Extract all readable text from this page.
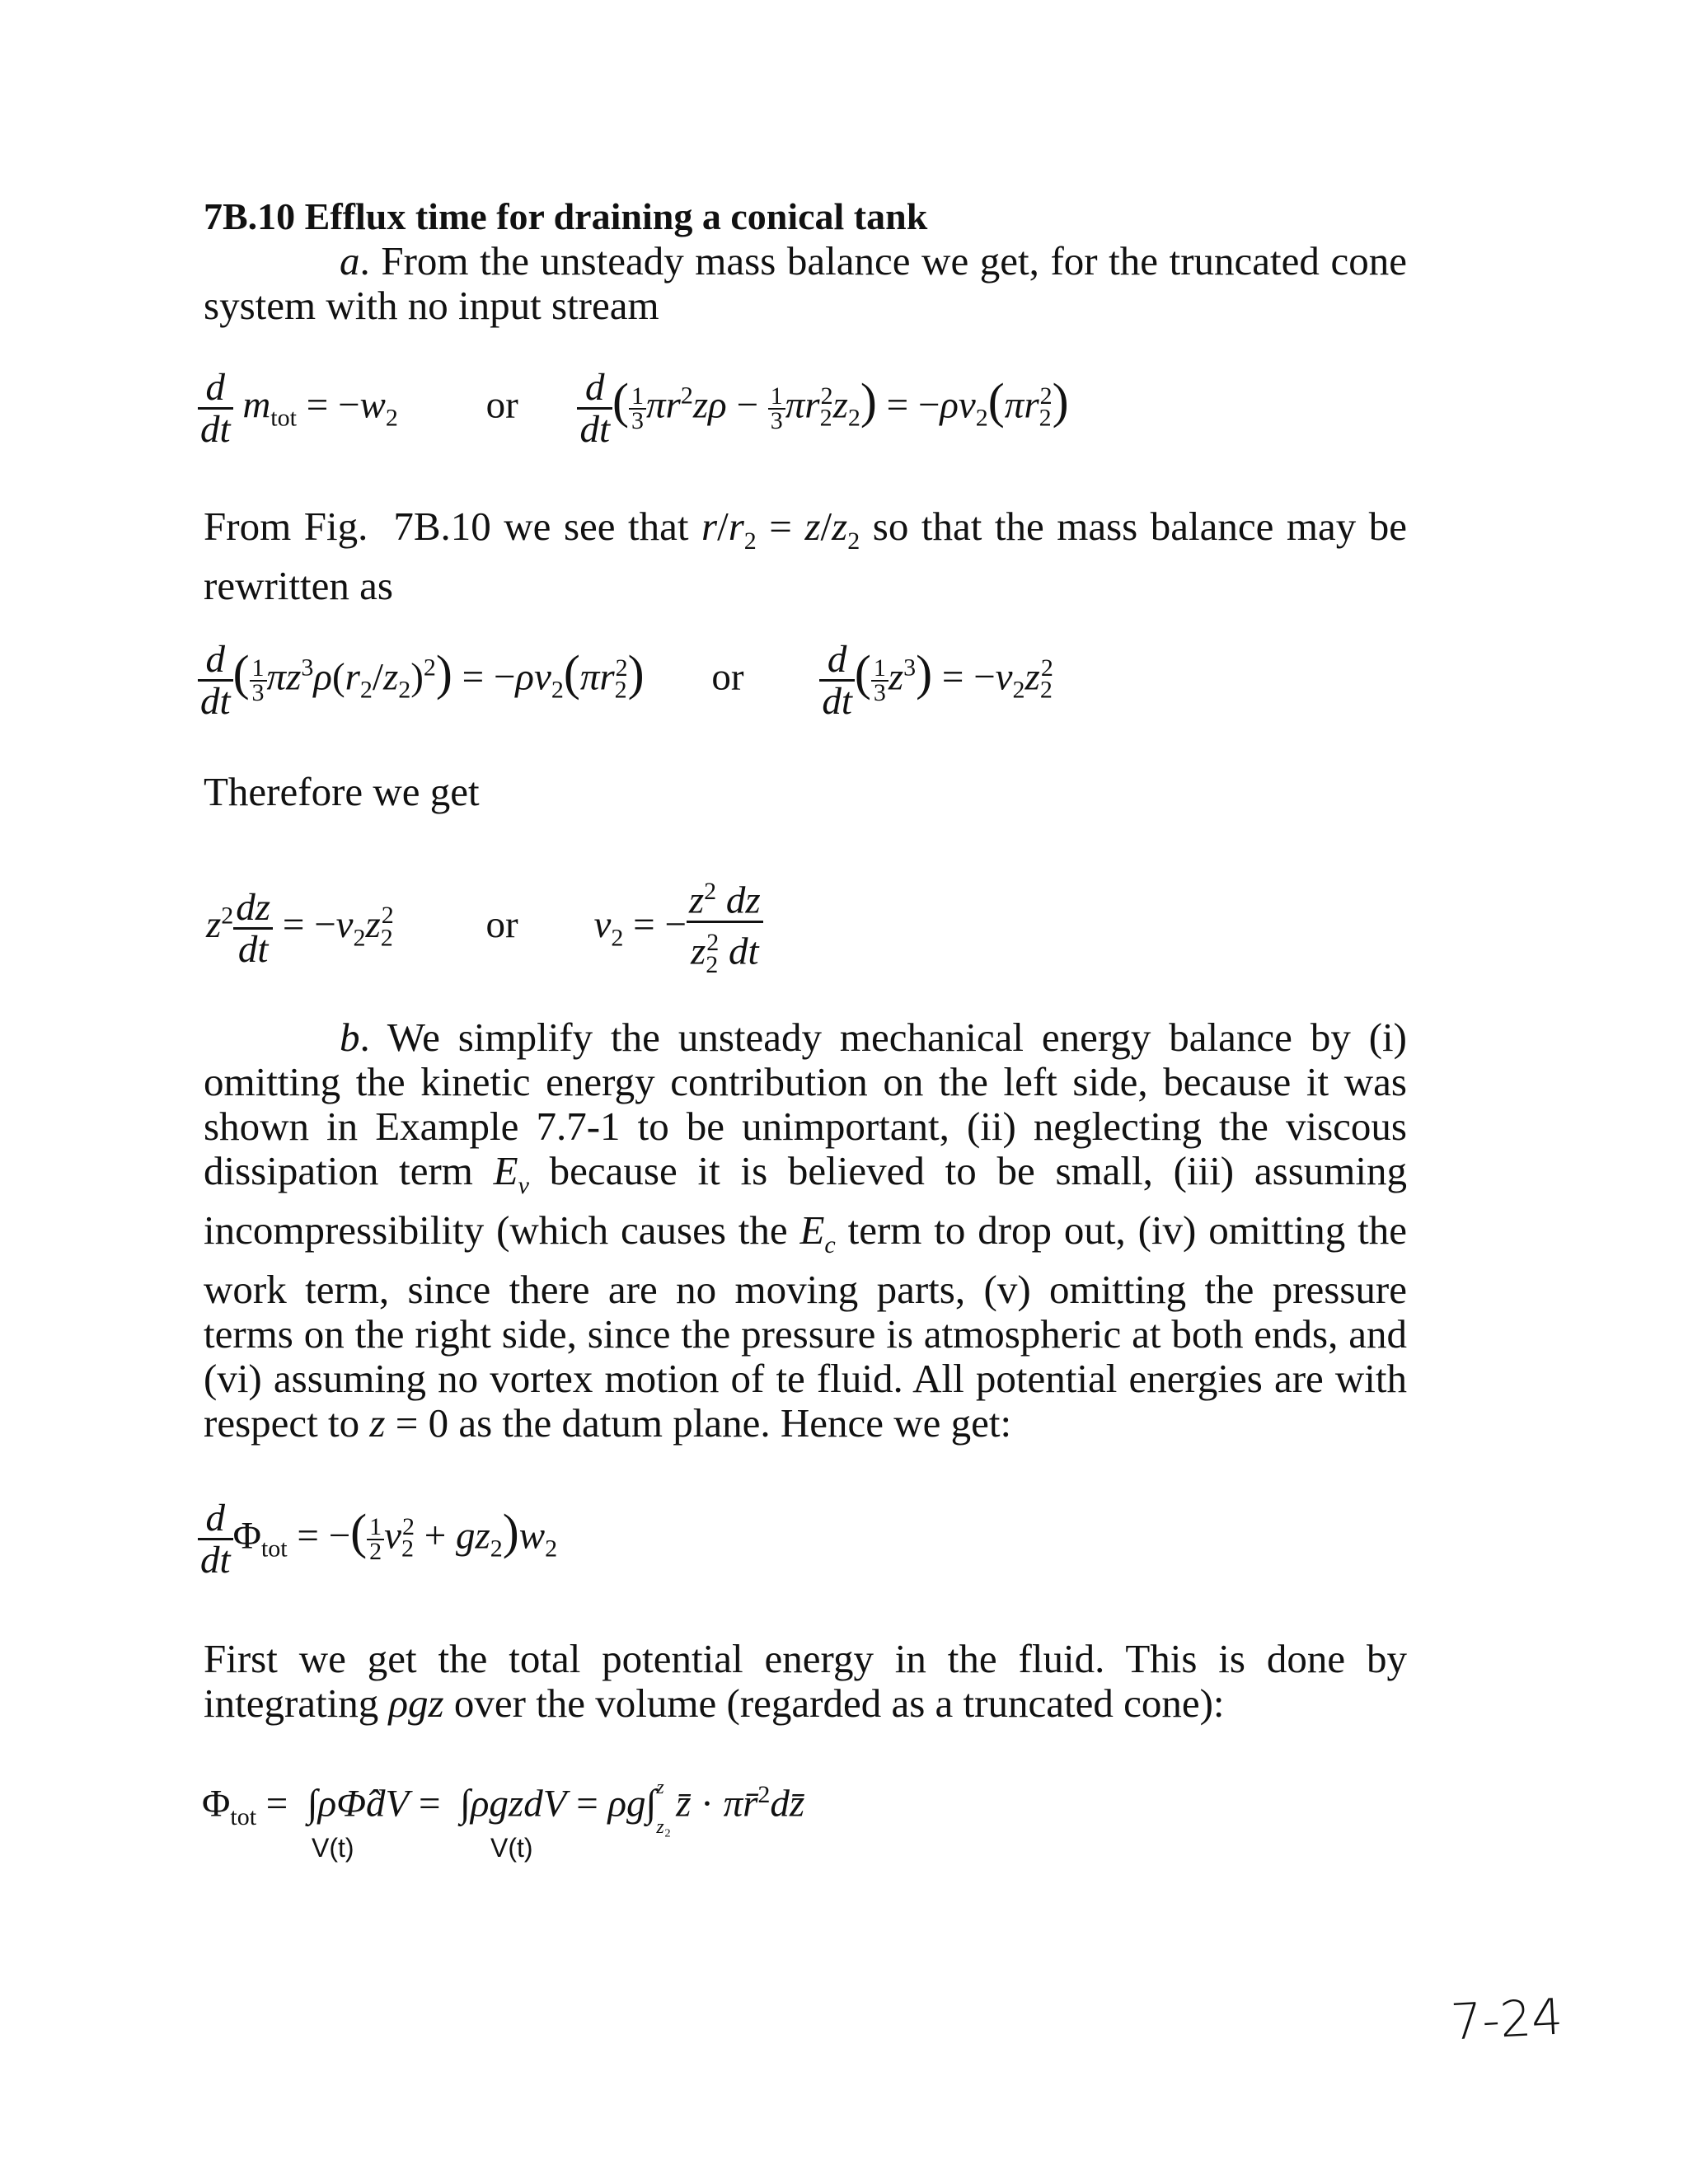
7B.10 Efflux time for draining a conical tank
a. From the unsteady mass balance we get, for the truncated cone system with no input stream
$\frac{d}{dt} m_{tot} = -w_2$ or $\frac{d}{dt}$ ( $\frac{1}{3} \pi r^2z\rho - \frac{1}{3} \pi r_2^2z_2) = -\rho v_2(\pi r_2^2)$
From Fig.  7B.10 we see that $r/r_2 = z/z_2$ so that the mass balance may be rewritten as
$\frac{d}{dt}$ ( $\frac{1}{3} \pi z^3\rho(r_2/z_2)^2) = -\rho v_2(\pi r_2^2)$ or $\frac{d}{dt}$ ( $\frac{1}{3} z^3) = -v_2z_2^2$
Therefore we get
$z^2 \frac{dz}{dt} = -v_2z_2^2$ or $v_2$ = − $\frac{z^2 dz}{z_2^2 dt}$
b. We simplify the unsteady mechanical energy balance by (i) omitting the kinetic energy contribution on the left side, because it was shown in Example 7.7-1 to be unimportant, (ii) neglecting the viscous dissipation term $E_v$ because it is believed to be small, (iii) assuming incompressibility (which causes the $E_c$ term to drop out, (iv) omitting the work term, since there are no moving parts, (v) omitting the pressure terms on the right side, since the pressure is atmospheric at both ends, and (vi) assuming no vortex motion of te fluid. All potential energies are with respect to z = 0 as the datum plane. Hence we get:
$\frac{d}{dt} \Phi_{tot}$ = −( $\frac{1}{2} v_2^2 + gz_2)w_2$
First we get the total potential energy in the fluid. This is done by integrating ρgz over the volume (regarded as a truncated cone):
$\Phi_{tot}$ =  ∫ρΦ̂dV =  ∫ρgzdV = ρg∫z

z₂z̄ · πr̄$^2$dz̄
V(t)	V(t)
7-24
